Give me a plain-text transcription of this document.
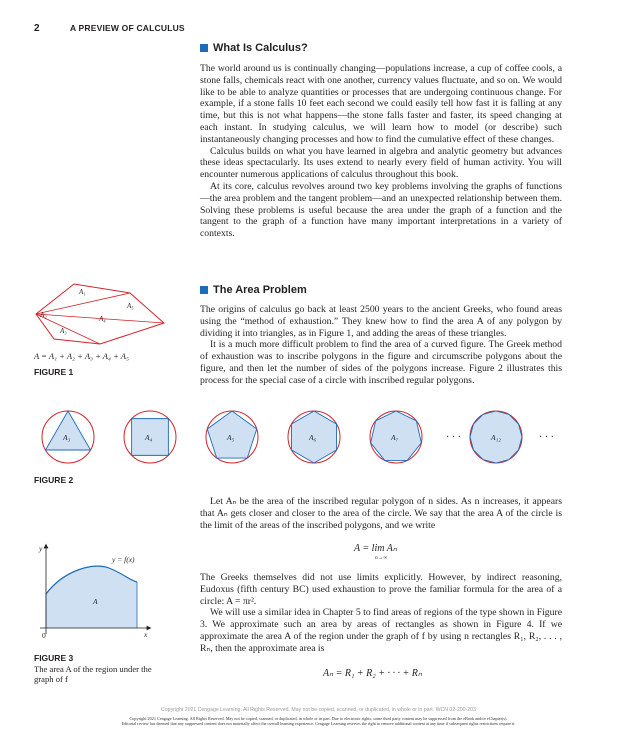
2	A PREVIEW OF CALCULUS
What Is Calculus?

The world around us is continually changing—populations increase, a cup of coffee cools, a stone falls, chemicals react with one another, currency values fluctuate, and so on. We would like to be able to analyze quantities or processes that are undergoing continuous change. For example, if a stone falls 10 feet each second we could easily tell how fast it is falling at any time, but this is not what happens—the stone falls faster and faster, its speed changing at each instant. In studying calculus, we will learn how to model (or describe) such instantaneously changing processes and how to find the cumulative effect of these changes.

Calculus builds on what you have learned in algebra and analytic geometry but advances these ideas spectacularly. Its uses extend to nearly every field of human activity. You will encounter numerous applications of calculus throughout this book.

At its core, calculus revolves around two key problems involving the graphs of functions—the area problem and the tangent problem—and an unexpected relationship between them. Solving these problems is useful because the area under the graph of a function and the tangent to the graph of a function have many important interpretations in a variety of contexts.

The Area Problem

The origins of calculus go back at least 2500 years to the ancient Greeks, who found areas using the “method of exhaustion.” They knew how to find the area A of any polygon by dividing it into triangles, as in Figure 1, and adding the areas of these triangles.

It is a much more difficult problem to find the area of a curved figure. The Greek method of exhaustion was to inscribe polygons in the figure and circumscribe polygons about the figure, and then let the number of sides of the polygons increase. Figure 2 illustrates this process for the special case of a circle with inscribed regular polygons.

A₁
A₂
A₃
A₄
A₅
A = A₁ + A₂ + A₃ + A₄ + A₅
FIGURE 1
A₃	A₄	A₅	A₆	A₇	A₁₂
· · ·	· · ·
FIGURE 2

Let Aₙ be the area of the inscribed regular polygon of n sides. As n increases, it appears that Aₙ gets closer and closer to the area of the circle. We say that the area A of the circle is the limit of the areas of the inscribed polygons, and we write

A = lim Aₙ
n→∞

The Greeks themselves did not use limits explicitly. However, by indirect reasoning, Eudoxus (fifth century BC) used exhaustion to prove the familiar formula for the area of a circle: A = πr².

We will use a similar idea in Chapter 5 to find areas of regions of the type shown in Figure 3. We approximate such an area by areas of rectangles as shown in Figure 4. If we approximate the area A of the region under the graph of f by using n rectangles R₁, R₂, . . . , Rₙ, then the approximate area is

Aₙ = R₁ + R₂ + · · · + Rₙ
y
x
0
y = f(x)
A
FIGURE 3
The area A of the region under the graph of f
Copyright 2021 Cengage Learning. All Rights Reserved. May not be copied, scanned, or duplicated, in whole or in part. WCN 02-200-203
Copyright 2021 Cengage Learning. All Rights Reserved. May not be copied, scanned, or duplicated, in whole or in part. Due to electronic rights, some third party content may be suppressed from the eBook and/or eChapter(s).
Editorial review has deemed that any suppressed content does not materially affect the overall learning experience. Cengage Learning reserves the right to remove additional content at any time if subsequent rights restrictions require it.
